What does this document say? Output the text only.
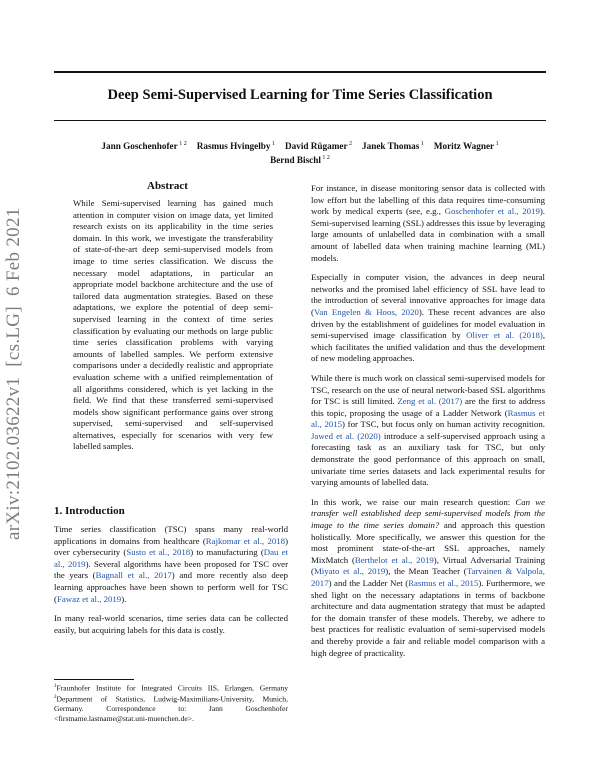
Deep Semi-Supervised Learning for Time Series Classification
Jann Goschenhofer $^{1 2}$ Rasmus Hvingelby $^1$ David Rügamer $^2$ Janek Thomas $^1$ Moritz Wagner $^1$
Bernd Bischl $^{1 2}$
arXiv:2102.03622v1  [cs.LG]  6 Feb 2021
Abstract
While Semi-supervised learning has gained much attention in computer vision on image data, yet limited research exists on its applicability in the time series domain. In this work, we investigate the transferability of state-of-the-art deep semi-supervised models from image to time series classification. We discuss the necessary model adaptations, in particular an appropriate model backbone architecture and the use of tailored data augmentation strategies. Based on these adaptations, we explore the potential of deep semi-supervised learning in the context of time series classification by evaluating our methods on large public time series classification problems with varying amounts of labelled samples. We perform extensive comparisons under a decidedly realistic and appropriate evaluation scheme with a unified reimplementation of all algorithms considered, which is yet lacking in the field. We find that these transferred semi-supervised models show significant performance gains over strong supervised, semi-supervised and self-supervised alternatives, especially for scenarios with very few labelled samples.
1. Introduction

Time series classification (TSC) spans many real-world applications in domains from healthcare (Rajkomar et al., 2018) over cybersecurity (Susto et al., 2018) to manufacturing (Dau et al., 2019). Several algorithms have been proposed for TSC over the years (Bagnall et al., 2017) and more recently also deep learning approaches have been shown to perform well for TSC (Fawaz et al., 2019).

In many real-world scenarios, time series data can be collected easily, but acquiring labels for this data is costly.

$^1$Fraunhofer Institute for Integrated Circuits IIS, Erlangen, Germany $^2$Department of Statistics, Ludwig-Maximilians-University, Munich, Germany. Correspondence to: Jann Goschenhofer <firstname.lastname@stat.uni-muenchen.de>.

For instance, in disease monitoring sensor data is collected with low effort but the labelling of this data requires time-consuming work by medical experts (see, e.g., Goschenhofer et al., 2019). Semi-supervised learning (SSL) addresses this issue by leveraging large amounts of unlabelled data in combination with a small amount of labelled data when training machine learning (ML) models.

Especially in computer vision, the advances in deep neural networks and the promised label efficiency of SSL have lead to the introduction of several innovative approaches for image data (Van Engelen & Hoos, 2020). These recent advances are also driven by the establishment of guidelines for model evaluation in semi-supervised image classification by Oliver et al. (2018), which facilitates the unified validation and thus the development of new modeling approaches.

While there is much work on classical semi-supervised models for TSC, research on the use of neural network-based SSL algorithms for TSC is still limited. Zeng et al. (2017) are the first to address this topic, proposing the usage of a Ladder Network (Rasmus et al., 2015) for TSC, but focus only on human activity recognition. Jawed et al. (2020) introduce a self-supervised approach using a forecasting task as an auxiliary task for TSC, but only demonstrate the good performance of this approach on small, univariate time series datasets and lack experimental results for varying amounts of labelled data.

In this work, we raise our main research question: Can we transfer well established deep semi-supervised models from the image to the time series domain? and approach this question holistically. More specifically, we answer this question for the most prominent state-of-the-art SSL approaches, namely MixMatch (Berthelot et al., 2019), Virtual Adversarial Training (Miyato et al., 2019), the Mean Teacher (Tarvainen & Valpola, 2017) and the Ladder Net (Rasmus et al., 2015). Furthermore, we shed light on the necessary adaptations in terms of backbone architecture and data augmentation strategy that must be adapted for the domain transfer of these models. Thereby, we adhere to best practices for realistic evaluation of semi-supervised models and thereby provide a fair and reliable model comparison with a high degree of practicality.
